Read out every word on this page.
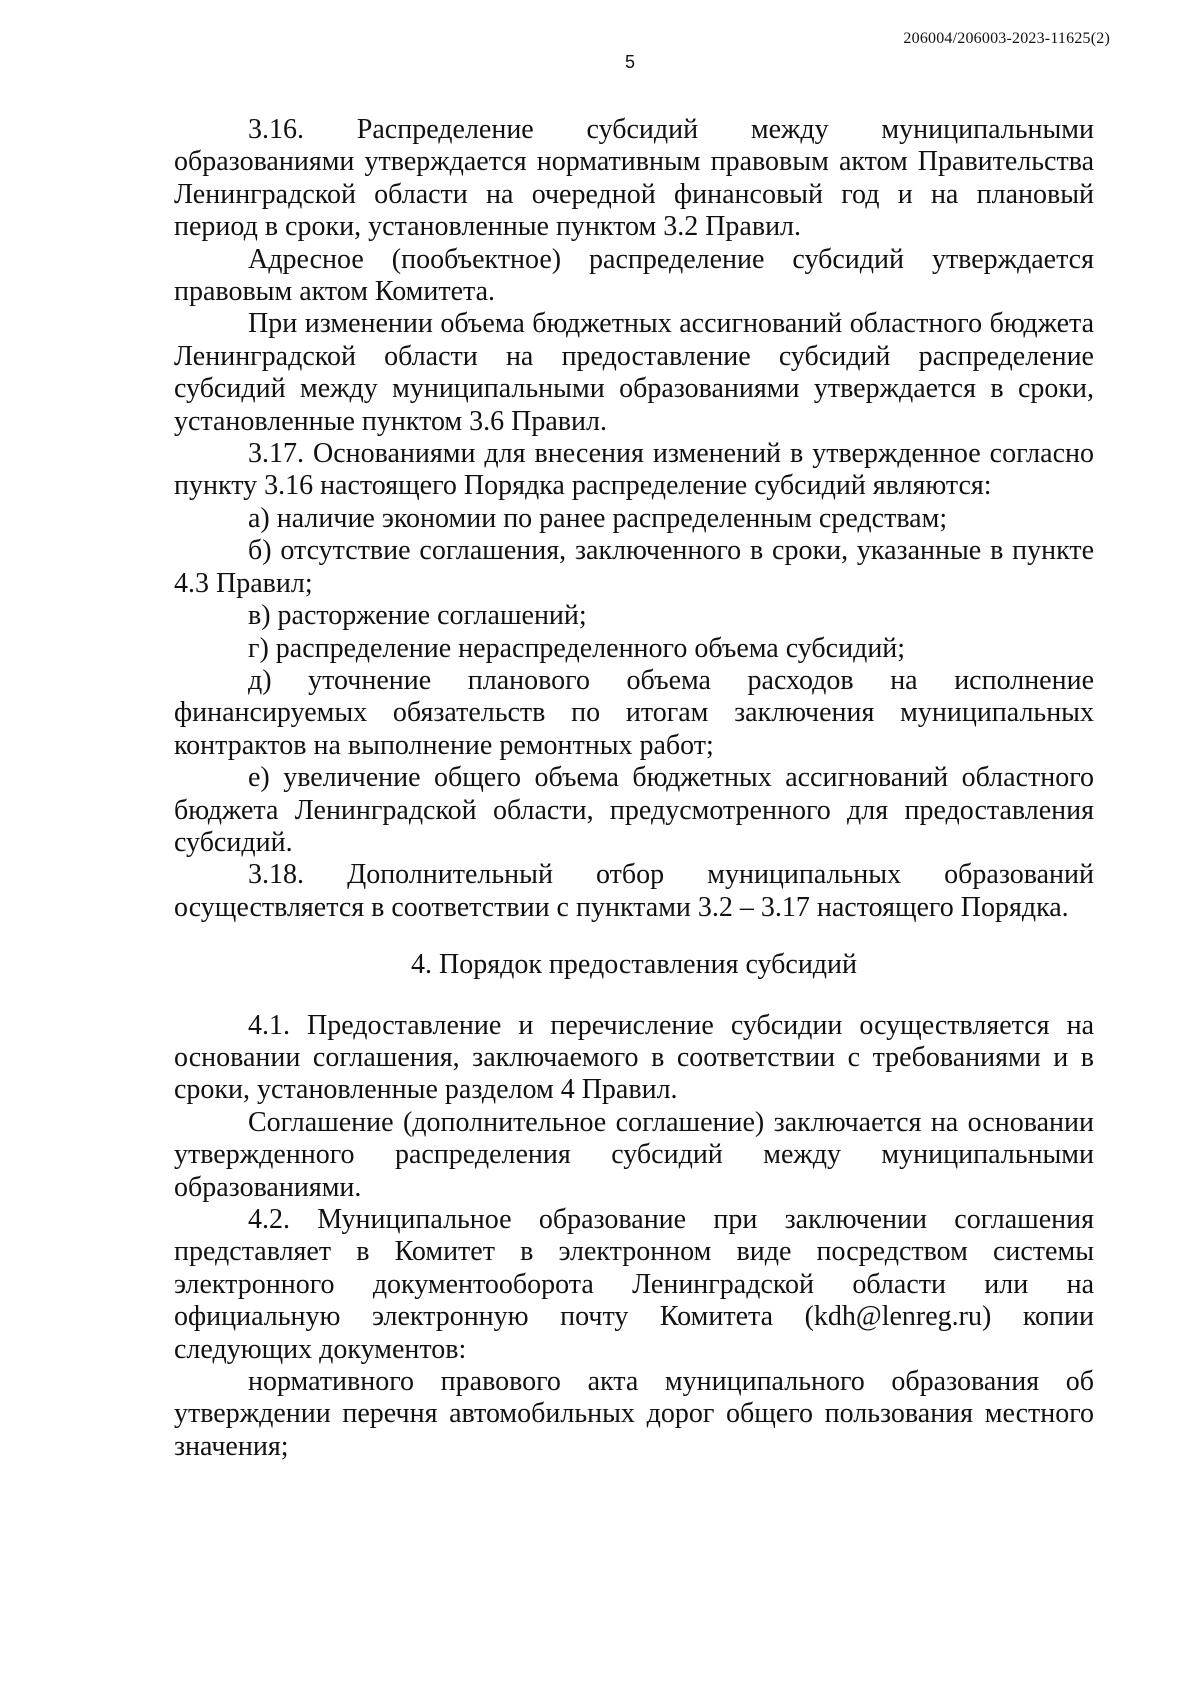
206004/206003-2023-11625(2)
5

3.16. Распределение субсидий между муниципальными образованиями утверждается нормативным правовым актом Правительства Ленинградской области на очередной финансовый год и на плановый период в сроки, установленные пунктом 3.2 Правил.

Адресное (пообъектное) распределение субсидий утверждается правовым актом Комитета.

При изменении объема бюджетных ассигнований областного бюджета Ленинградской области на предоставление субсидий распределение субсидий между муниципальными образованиями утверждается в сроки, установленные пунктом 3.6 Правил.

3.17. Основаниями для внесения изменений в утвержденное согласно пункту 3.16 настоящего Порядка распределение субсидий являются:

а) наличие экономии по ранее распределенным средствам;

б) отсутствие соглашения, заключенного в сроки, указанные в пункте 4.3 Правил;

в) расторжение соглашений;

г) распределение нераспределенного объема субсидий;

д) уточнение планового объема расходов на исполнение финансируемых обязательств по итогам заключения муниципальных контрактов на выполнение ремонтных работ;

е) увеличение общего объема бюджетных ассигнований областного бюджета Ленинградской области, предусмотренного для предоставления субсидий.

3.18. Дополнительный отбор муниципальных образований осуществляется в соответствии с пунктами 3.2 – 3.17 настоящего Порядка.

4. Порядок предоставления субсидий

4.1. Предоставление и перечисление субсидии осуществляется на основании соглашения, заключаемого в соответствии с требованиями и в сроки, установленные разделом 4 Правил.

Соглашение (дополнительное соглашение) заключается на основании утвержденного распределения субсидий между муниципальными образованиями.

4.2. Муниципальное образование при заключении соглашения представляет в Комитет в электронном виде посредством системы электронного документооборота Ленинградской области или на официальную электронную почту Комитета (kdh@lenreg.ru) копии следующих документов:

нормативного правового акта муниципального образования об утверждении перечня автомобильных дорог общего пользования местного значения;
